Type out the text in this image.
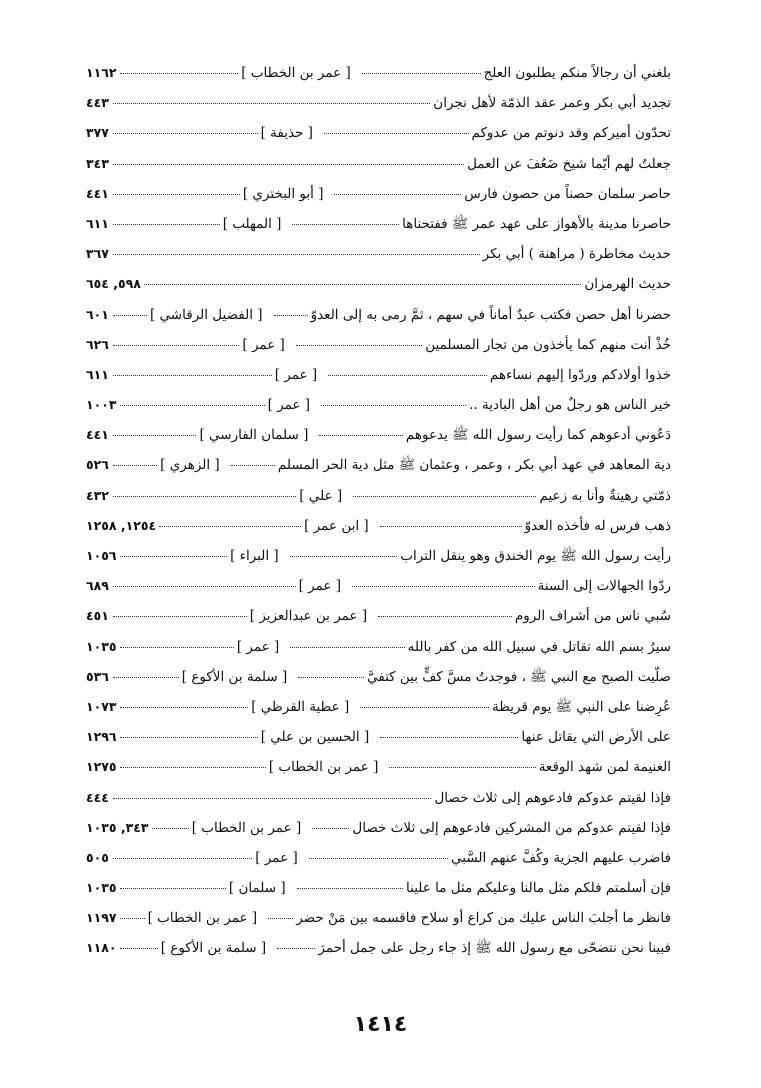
بلغني أن رجالاً منكم يطلبون العلج
[ عمر بن الخطاب ]
١١٦٢
تجديد أبي بكر وعمر عقد الذمّة لأهل نجران
٤٤٣
تحدّون أميركم وقد دنوتم من عدوكم
[ حذيفة ]
٣٧٧
جعلتُ لهم أيّما شيخ ضَعُفَ عن العمل
٣٤٣
حاصر سلمان حصناً من حصون فارس
[ أبو البختري ]
٤٤١
حاصرنا مدينة بالأهواز على عهد عمر ﷺ ففتحناها
[ المهلب ]
٦١١
حديث مخاطرة ( مراهنة ) أبي بكر
٣٦٧
حديث الهرمزان
٥٩٨, ٦٥٤
حضرنا أهل حصن فكتب عبدٌ أماناً في سهم ، ثمَّ رمى به إلى العدوّ
[ الفضيل الرقاشي ]
٦٠١
خُذْ أنت منهم كما يأخذون من تجار المسلمين
[ عمر ]
٦٢٦
خذوا أولادكم وردّوا إليهم نساءهم
[ عمر ]
٦١١
خير الناس هو رجلٌ من أهل البادية ..
[ عمر ]
١٠٠٣
دَعُوني أدعوهم كما رأيت رسول الله ﷺ يدعوهم
[ سلمان الفارسي ]
٤٤١
دية المعاهد في عهد أبي بكر ، وعمر ، وعثمان ﷺ مثل دية الحر المسلم
[ الزهري ]
٥٢٦
ذمّتي رهينةٌ وأنا به زعيم
[ علي ]
٤٣٢
ذهب فرس له فأخذه العدوّ
[ ابن عمر ]
١٢٥٤, ١٢٥٨
رأيت رسول الله ﷺ يوم الخندق وهو ينقل التراب
[ البراء ]
١٠٥٦
ردّوا الجهالات إلى السنة
[ عمر ]
٦٨٩
سُبي ناس من أشراف الروم
[ عمر بن عبدالعزيز ]
٤٥١
سيرُ بسم الله تقاتل في سبيل الله من كفر بالله
[ عمر ]
١٠٣٥
صلّيت الصبح مع النبي ﷺ ، فوجدتُ مسَّ كفٍّ بين كتفيَّ
[ سلمة بن الأكوع ]
٥٣٦
عُرِضنا على النبي ﷺ يوم قريظة
[ عطية القرظي ]
١٠٧٣
على الأرض التي يقاتل عنها
[ الحسين بن علي ]
١٢٩٦
الغنيمة لمن شهد الوقعة
[ عمر بن الخطاب ]
١٢٧٥
فإذا لقيتم عدوكم فادعوهم إلى ثلاث خصال
٤٤٤
فإذا لقيتم عدوكم من المشركين فادعوهم إلى ثلاث خصال
[ عمر بن الخطاب ]
٣٤٣, ١٠٣٥
فاضرب عليهم الجزية وكُفَّ عنهم السَّبي
[ عمر ]
٥٠٥
فإن أسلمتم فلكم مثل مالنا وعليكم مثل ما علينا
[ سلمان ]
١٠٣٥
فانظر ما أجلبَ الناس عليك من كراع أو سلاح فاقسمه بين مَنْ حضر
[ عمر بن الخطاب ]
١١٩٧
فبينا نحن نتضحّى مع رسول الله ﷺ إذ جاء رجل على جمل أحمرَ
[ سلمة بن الأكوع ]
١١٨٠
١٤١٤
